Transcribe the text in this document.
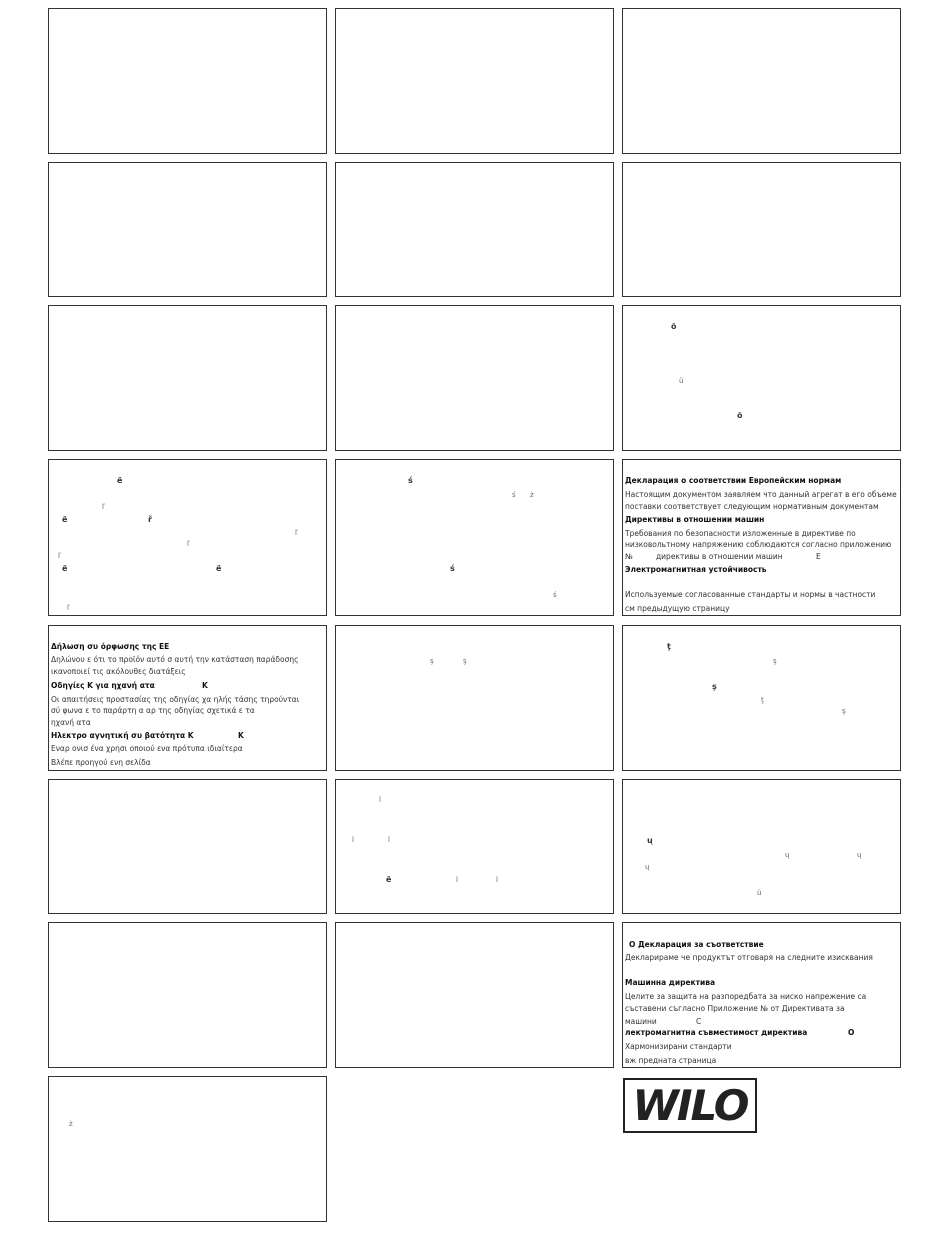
õ
ü
õ
ë
ľ
ë	ř
ľ
ľ
ľ
ë	ë
ľ
ś
ś ż
ś
ś
Декларация о соответствии Европейским нормам
Настоящим документом заявляем что данный агрегат в его объеме
поставки соответствует следующим нормативным документам
Директивы в отношении машин
Требования по безопасности изложенные в директиве по
низковольтному напряжению соблюдаются согласно приложению
№	директивы в отношении машин	Е
Электромагнитная устойчивость
Используемые согласованные стандарты и нормы в частности
см предыдущую страницу
Δήλωση συ όρφωσης της ΕΕ
Δηλώνου ε ότι το προϊόν αυτό σ αυτή την κατάσταση παράδοσης
ικανοποιεί τις ακόλουθες διατάξεις
Οδηγίες Κ για ηχανή ατα	Κ
Οι απαιτήσεις προστασίας της οδηγίας χα ηλής τάσης τηρούνται
σύ φωνα ε το παράρτη α αρ της οδηγίας σχετικά ε τα
ηχανή ατα
Ηλεκτρο αγνητική συ βατότητα Κ	Κ
Εναρ ονισ ένα χρησι οποιού ενα πρότυπα ιδιαίτερα
Βλέπε προηγού ενη σελίδα
ş	ş
ţ
ş
ş
ţ
ş
ĭ
ĭ	ĭ
ë	ĭ	ĭ
ų
ų	ų
ų
ü
О Декларация за съответствие
Декларираме че продуктът отговаря на следните изисквания
Машинна директива
Целите за защита на разпоредбата за ниско напрежение са
съставени съгласно Приложение № от Директивата за
машини	С
лектромагнитна съвместимост директива	О
Хармонизирани стандарти
вж предната страница
ż	WILO
